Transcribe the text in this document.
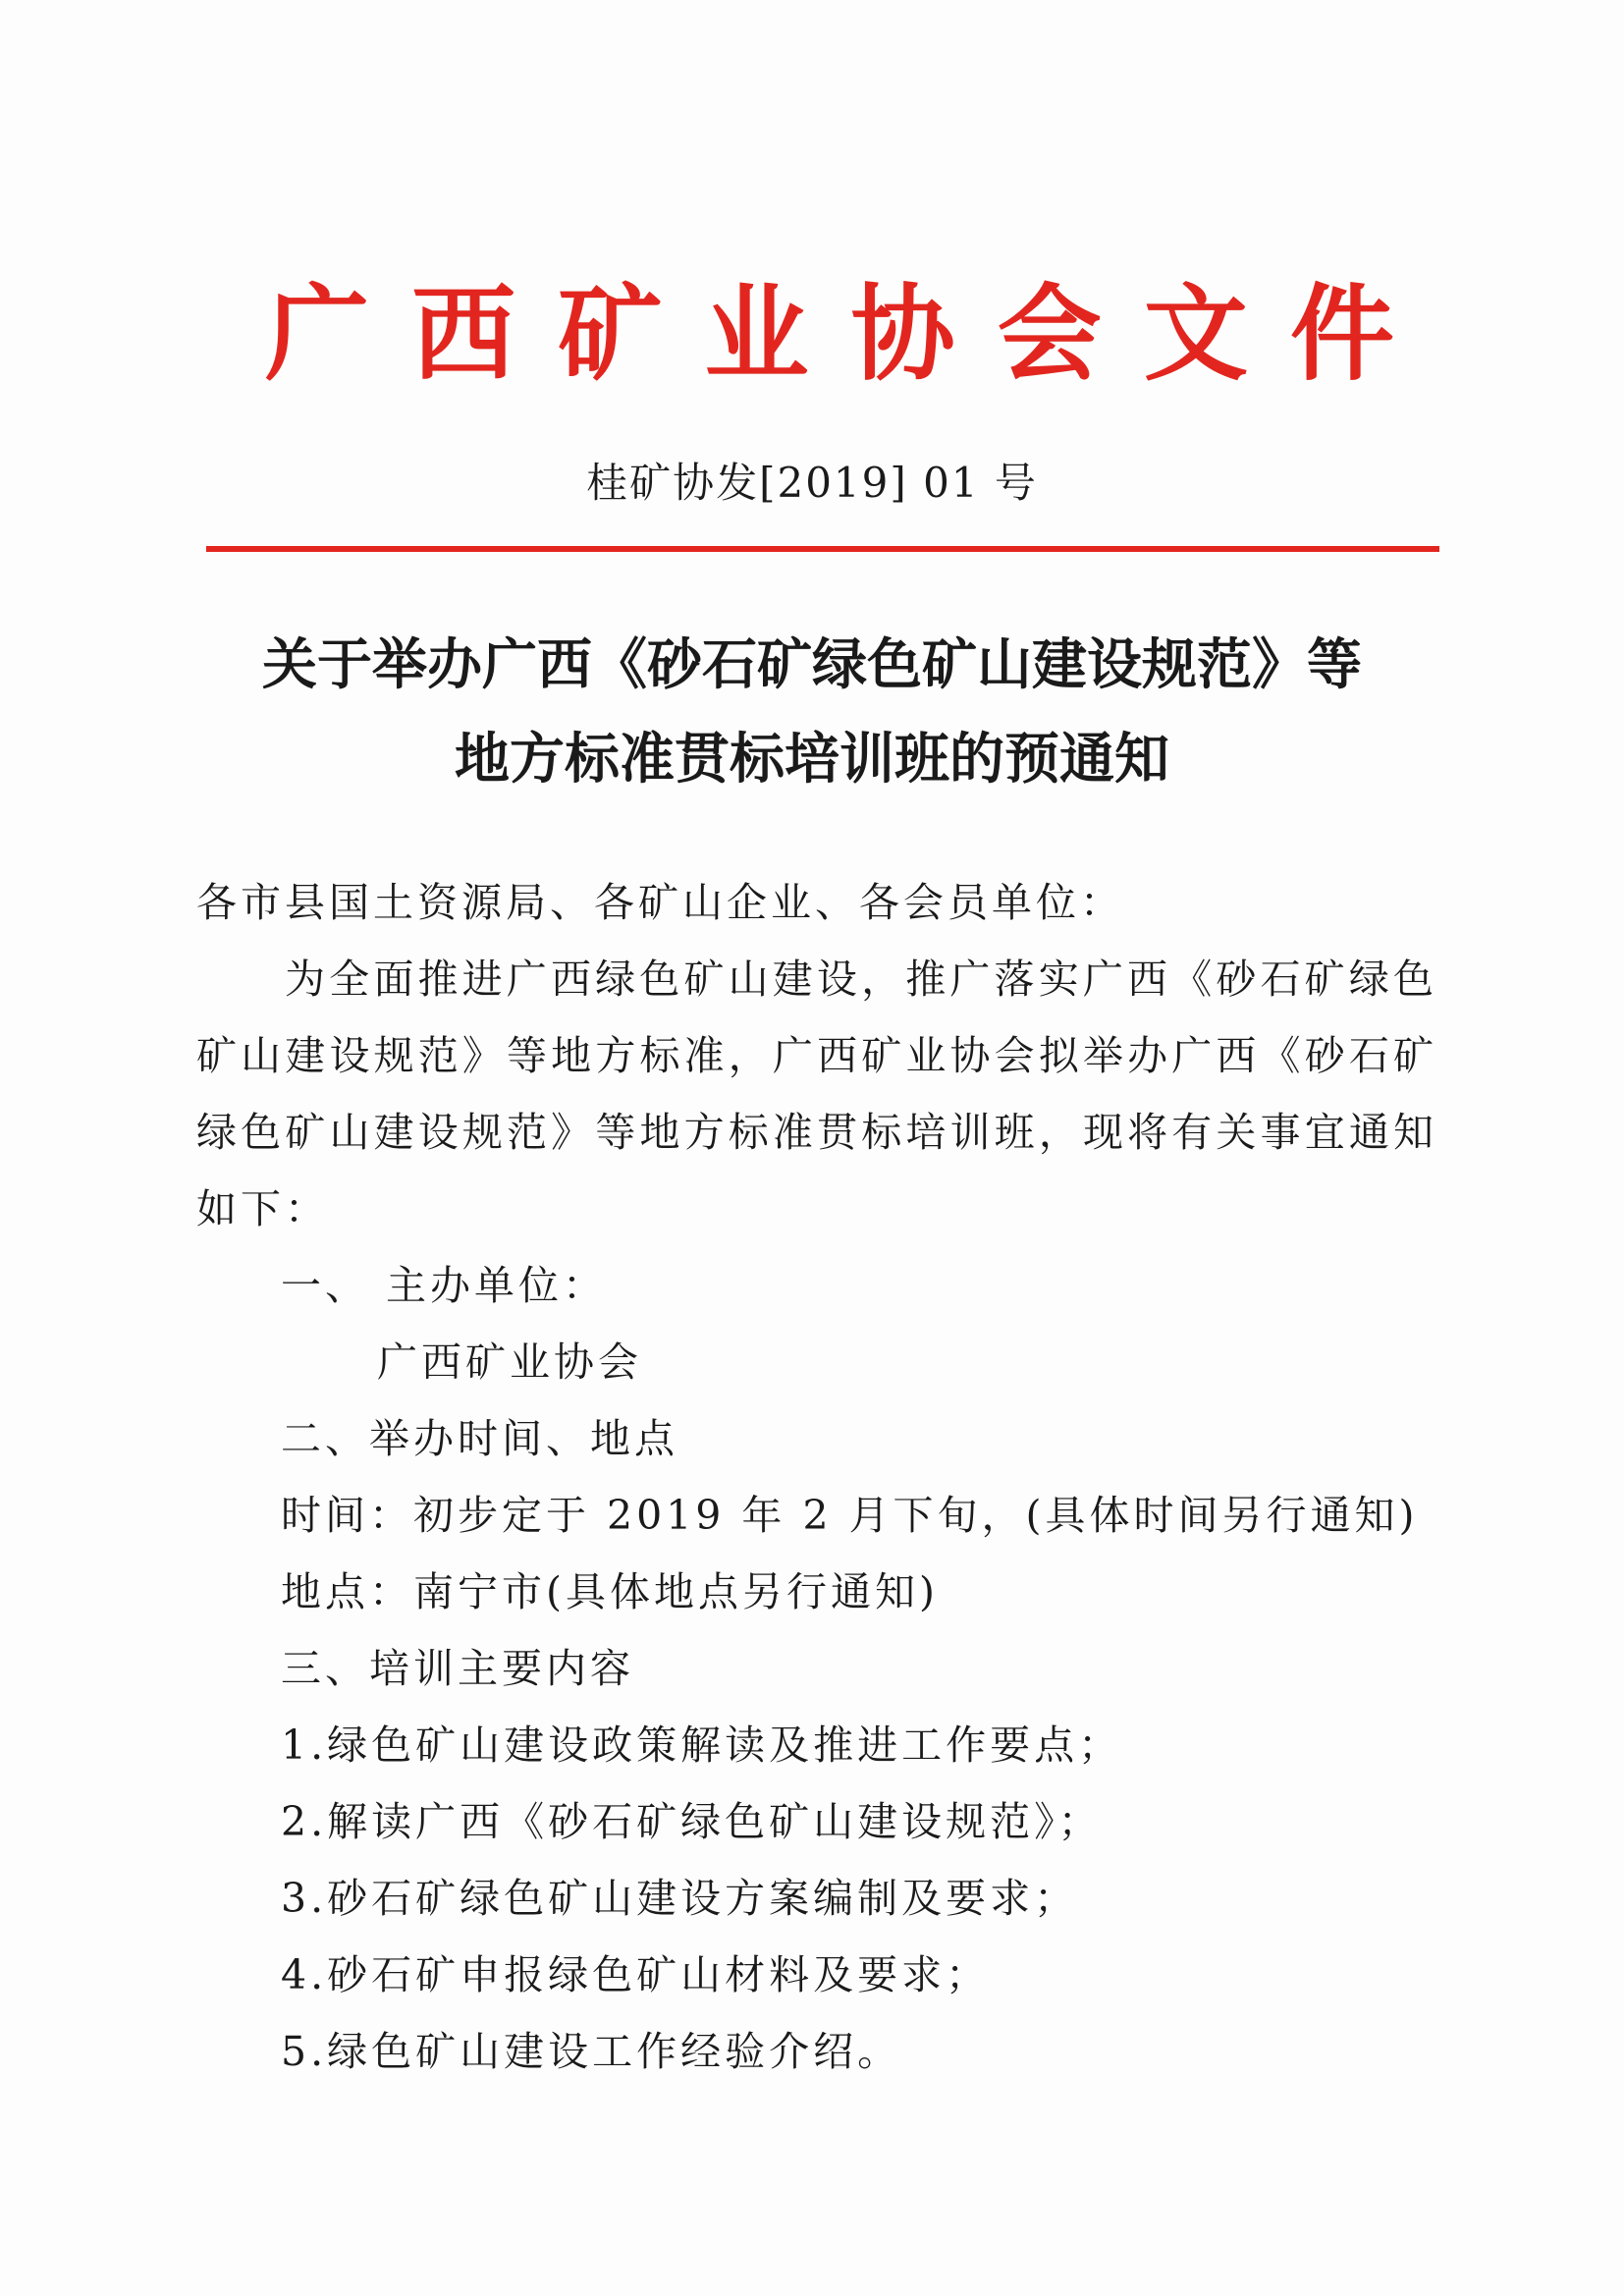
广 西 矿 业 协 会 文 件
桂矿协发[2019] 01 号
关于举办广西《砂石矿绿色矿山建设规范》等
地方标准贯标培训班的预通知
各市县国土资源局、各矿山企业、各会员单位：
为全面推进广西绿色矿山建设，推广落实广西《砂石矿绿色矿山建设规范》等地方标准，广西矿业协会拟举办广西《砂石矿绿色矿山建设规范》等地方标准贯标培训班，现将有关事宜通知如下：
一、 主办单位：
广西矿业协会
二、举办时间、地点
时间：初步定于 2019 年 2 月下旬，(具体时间另行通知)
地点：南宁市(具体地点另行通知)
三、培训主要内容
1.绿色矿山建设政策解读及推进工作要点；
2.解读广西《砂石矿绿色矿山建设规范》；
3.砂石矿绿色矿山建设方案编制及要求；
4.砂石矿申报绿色矿山材料及要求；
5.绿色矿山建设工作经验介绍。
